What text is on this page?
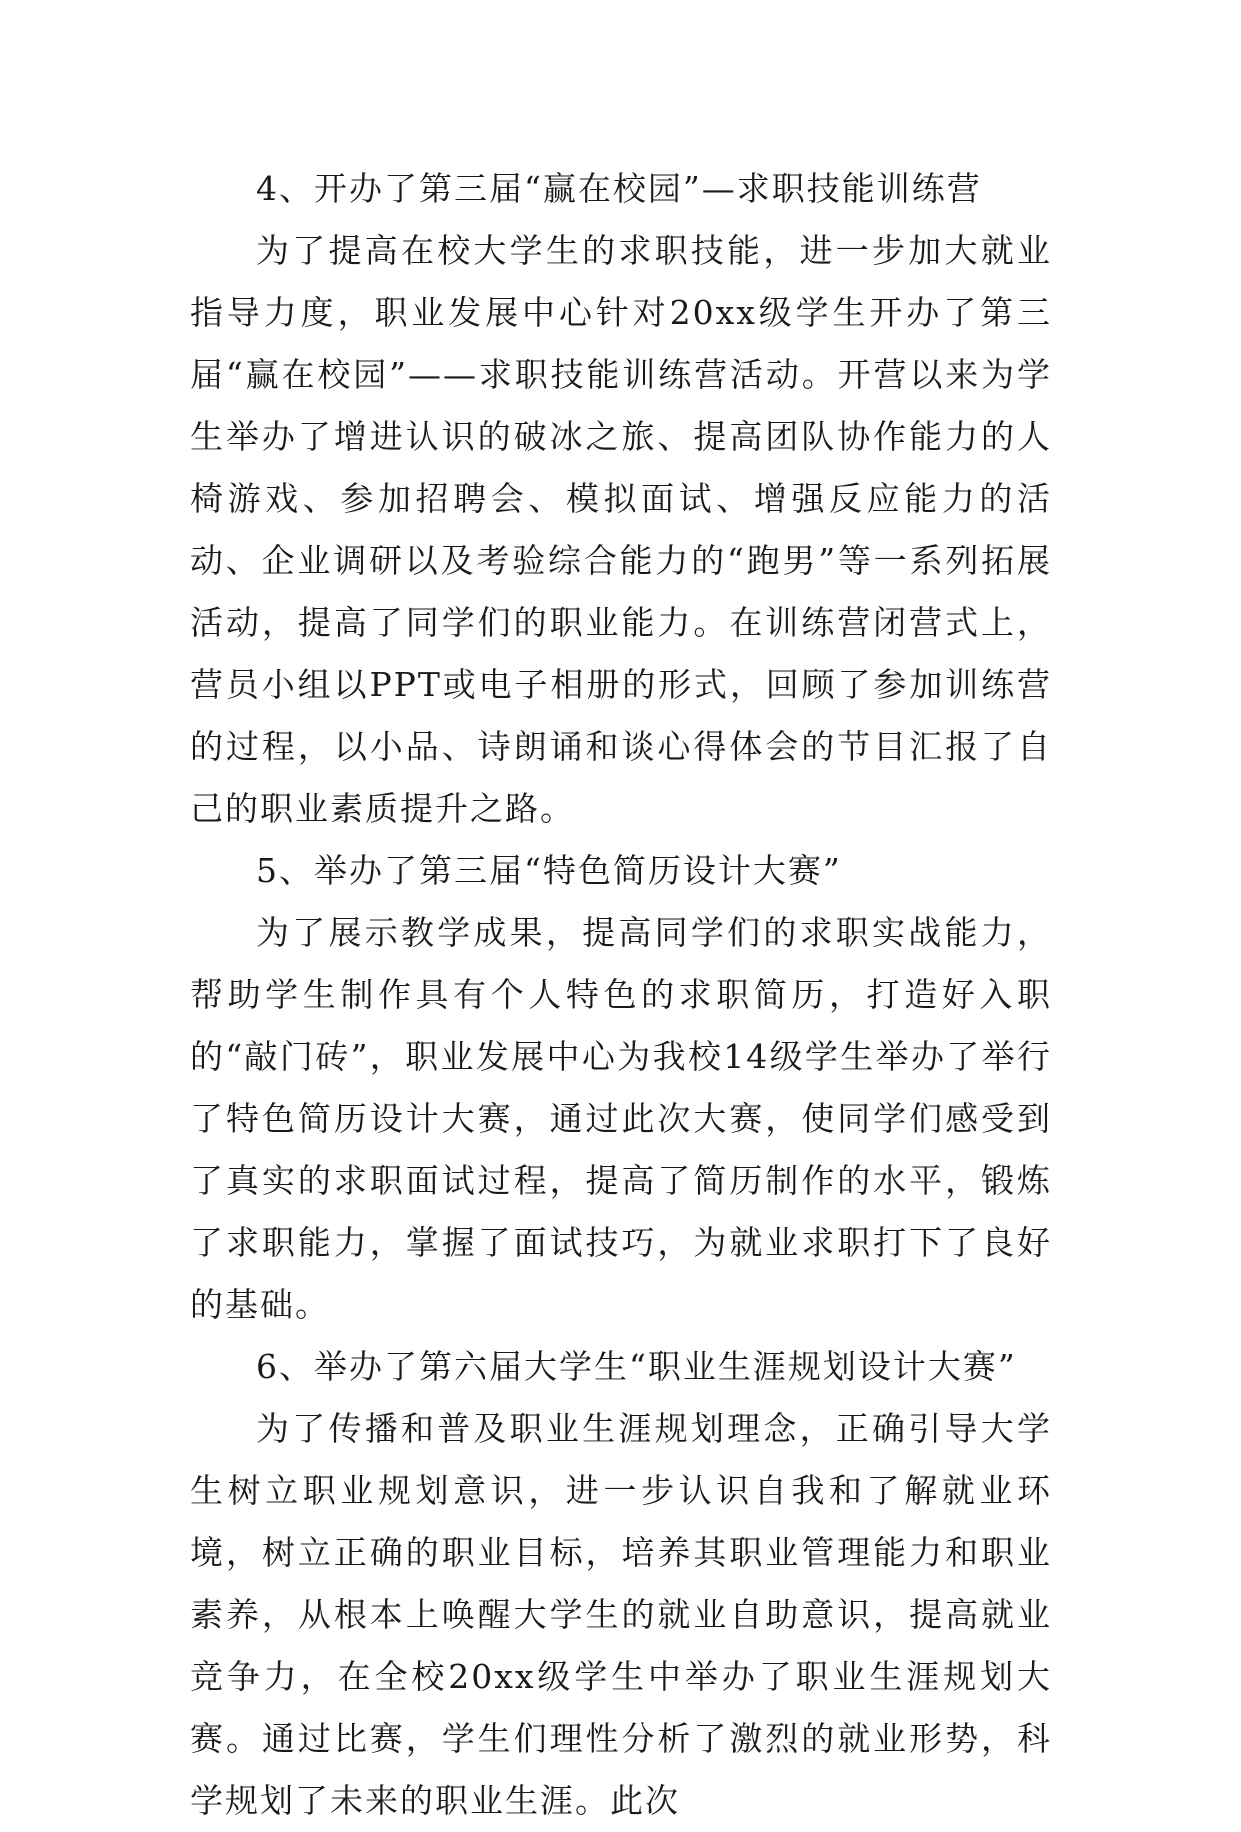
4、开办了第三届“赢在校园”—求职技能训练营

为了提高在校大学生的求职技能，进一步加大就业指导力度，职业发展中心针对20xx级学生开办了第三届“赢在校园”——求职技能训练营活动。开营以来为学生举办了增进认识的破冰之旅、提高团队协作能力的人椅游戏、参加招聘会、模拟面试、增强反应能力的活动、企业调研以及考验综合能力的“跑男”等一系列拓展活动，提高了同学们的职业能力。在训练营闭营式上，营员小组以PPT或电子相册的形式，回顾了参加训练营的过程，以小品、诗朗诵和谈心得体会的节目汇报了自己的职业素质提升之路。

5、举办了第三届“特色简历设计大赛”

为了展示教学成果，提高同学们的求职实战能力，帮助学生制作具有个人特色的求职简历，打造好入职的“敲门砖”，职业发展中心为我校14级学生举办了举行了特色简历设计大赛，通过此次大赛，使同学们感受到了真实的求职面试过程，提高了简历制作的水平，锻炼了求职能力，掌握了面试技巧，为就业求职打下了良好的基础。

6、举办了第六届大学生“职业生涯规划设计大赛”

为了传播和普及职业生涯规划理念，正确引导大学生树立职业规划意识，进一步认识自我和了解就业环境，树立正确的职业目标，培养其职业管理能力和职业素养，从根本上唤醒大学生的就业自助意识，提高就业竞争力，在全校20xx级学生中举办了职业生涯规划大赛。通过比赛，学生们理性分析了激烈的就业形势，科学规划了未来的职业生涯。此次
